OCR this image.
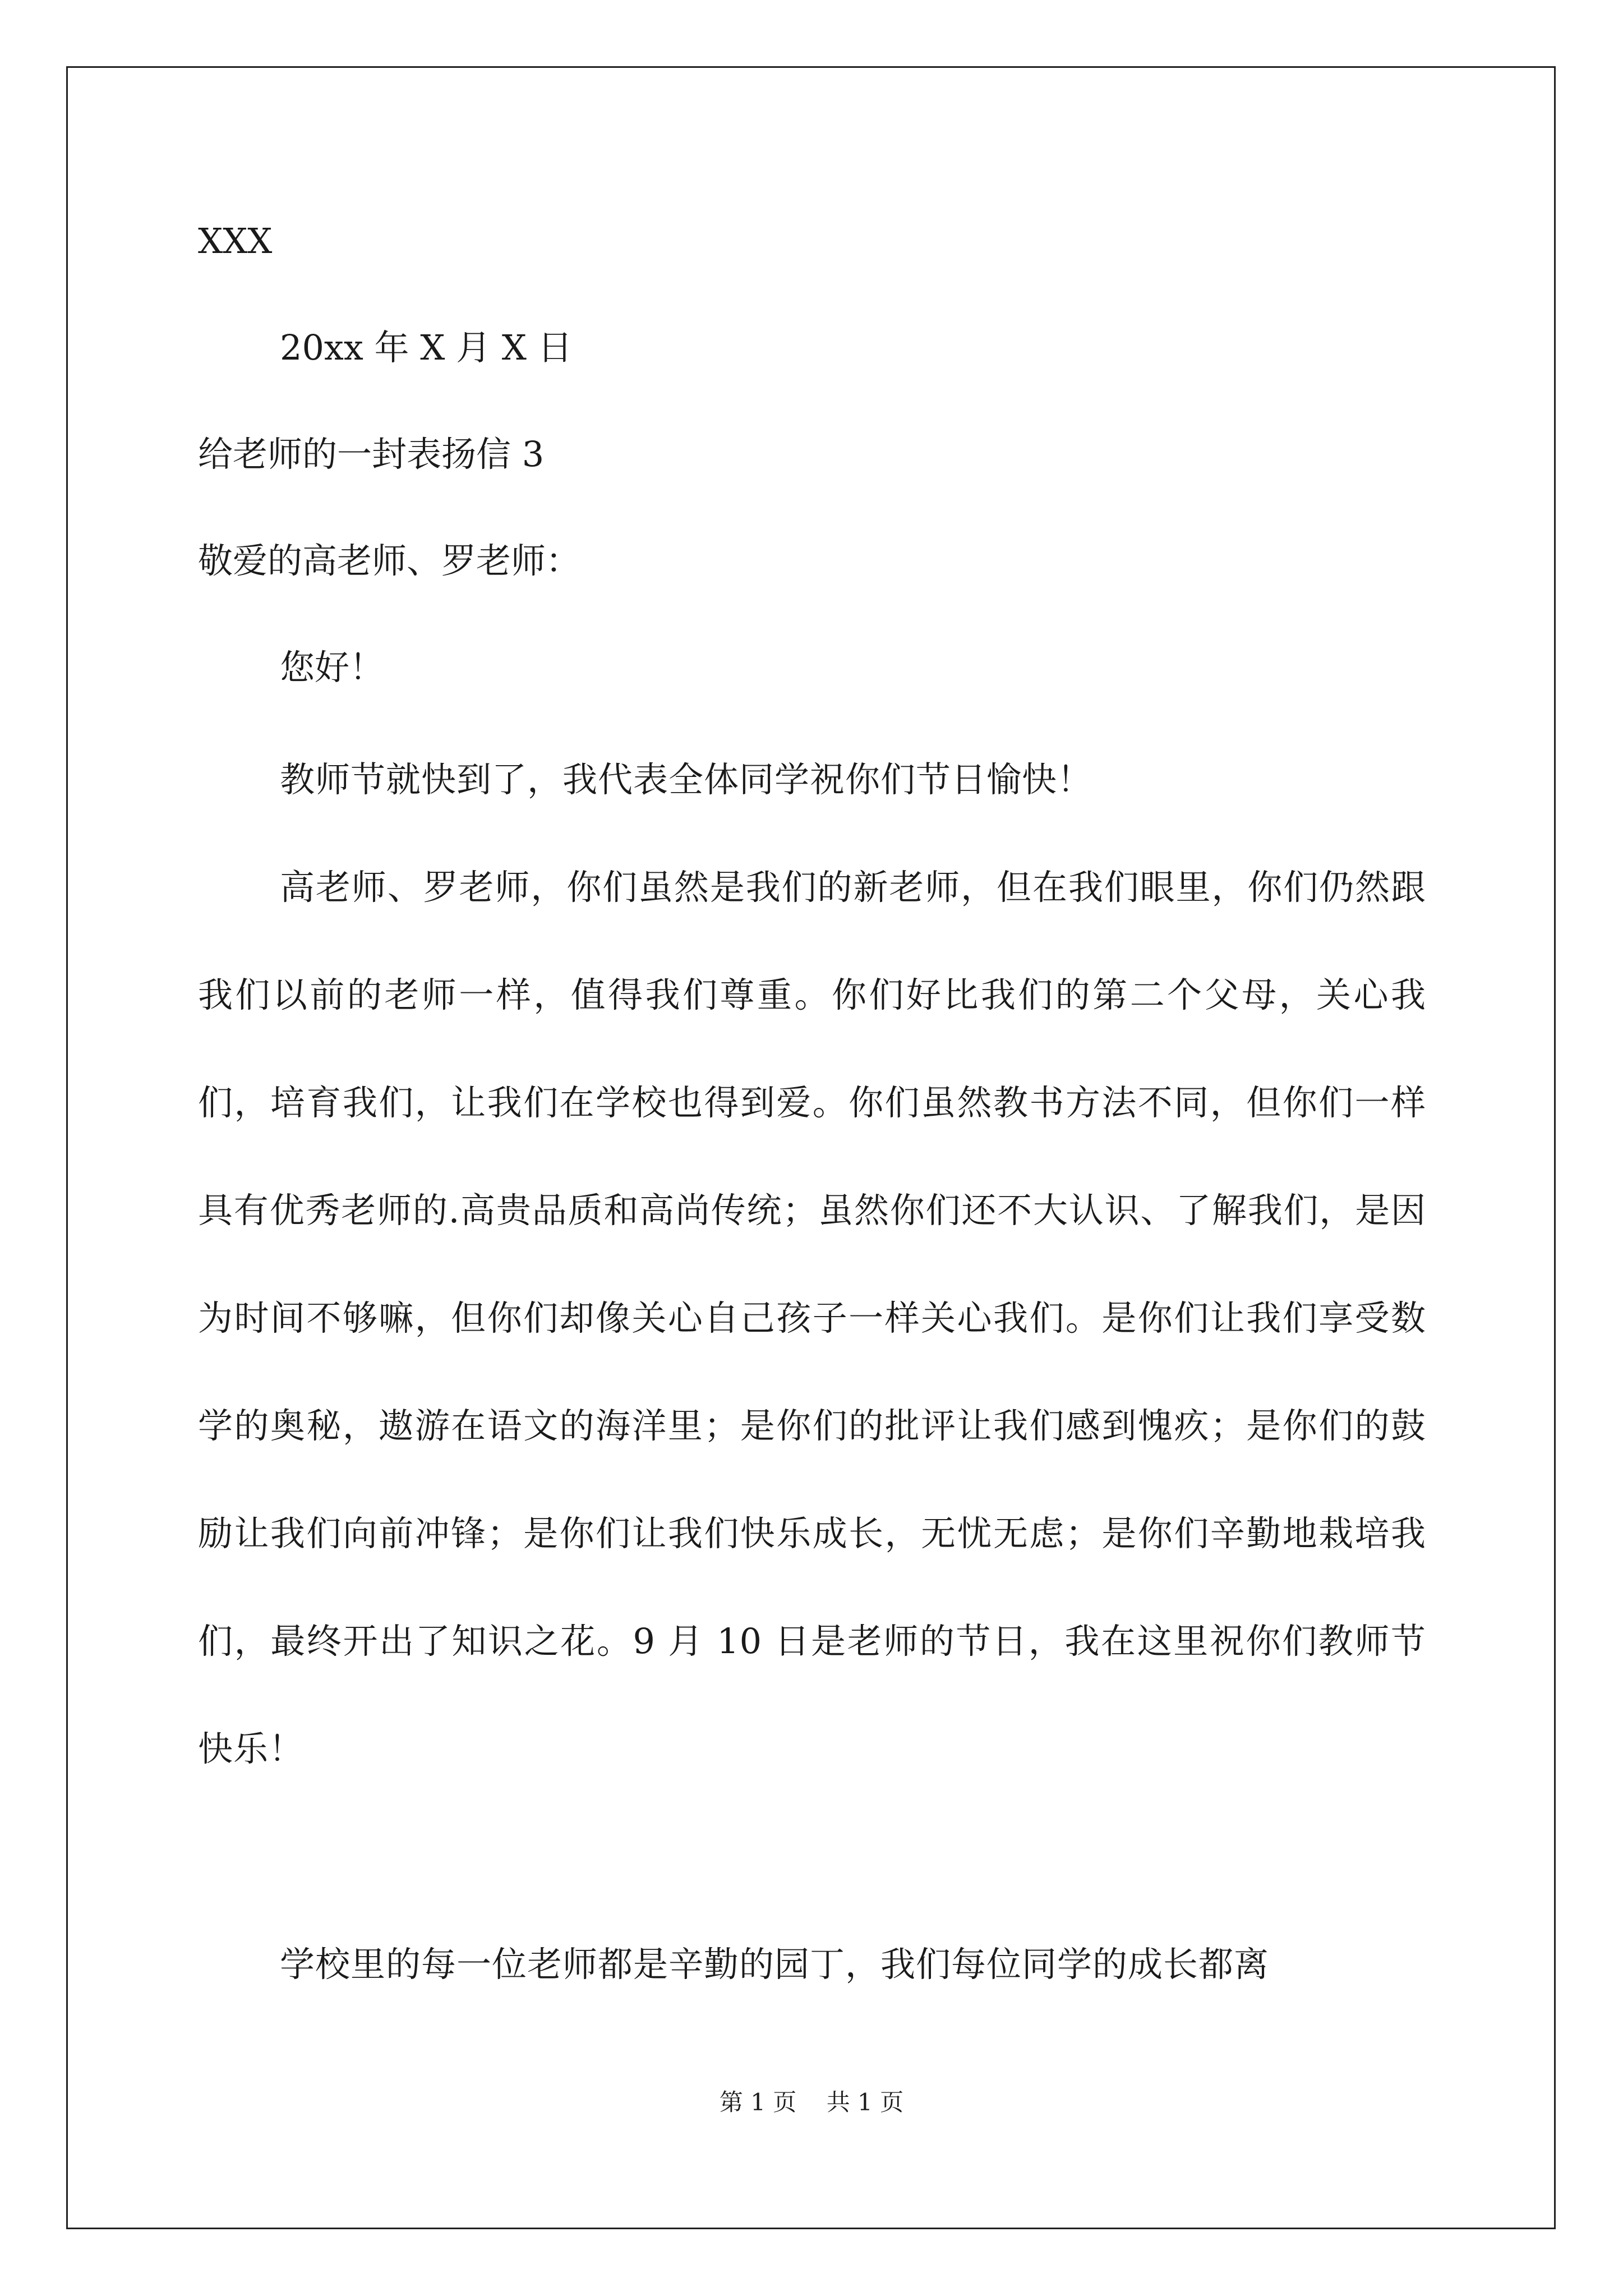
XXX
20xx 年 X 月 X 日
给老师的一封表扬信 3
敬爱的高老师、罗老师：
您好！
教师节就快到了，我代表全体同学祝你们节日愉快！
高老师、罗老师，你们虽然是我们的新老师，但在我们眼里，你们仍然跟我们以前的老师一样，值得我们尊重。你们好比我们的第二个父母，关心我们，培育我们，让我们在学校也得到爱。你们虽然教书方法不同，但你们一样具有优秀老师的.高贵品质和高尚传统；虽然你们还不大认识、了解我们，是因为时间不够嘛，但你们却像关心自己孩子一样关心我们。是你们让我们享受数学的奥秘，遨游在语文的海洋里；是你们的批评让我们感到愧疚；是你们的鼓励让我们向前冲锋；是你们让我们快乐成长，无忧无虑；是你们辛勤地栽培我们，最终开出了知识之花。9 月 10 日是老师的节日，我在这里祝你们教师节快乐！
学校里的每一位老师都是辛勤的园丁，我们每位同学的成长都离
第 1 页    共 1 页
